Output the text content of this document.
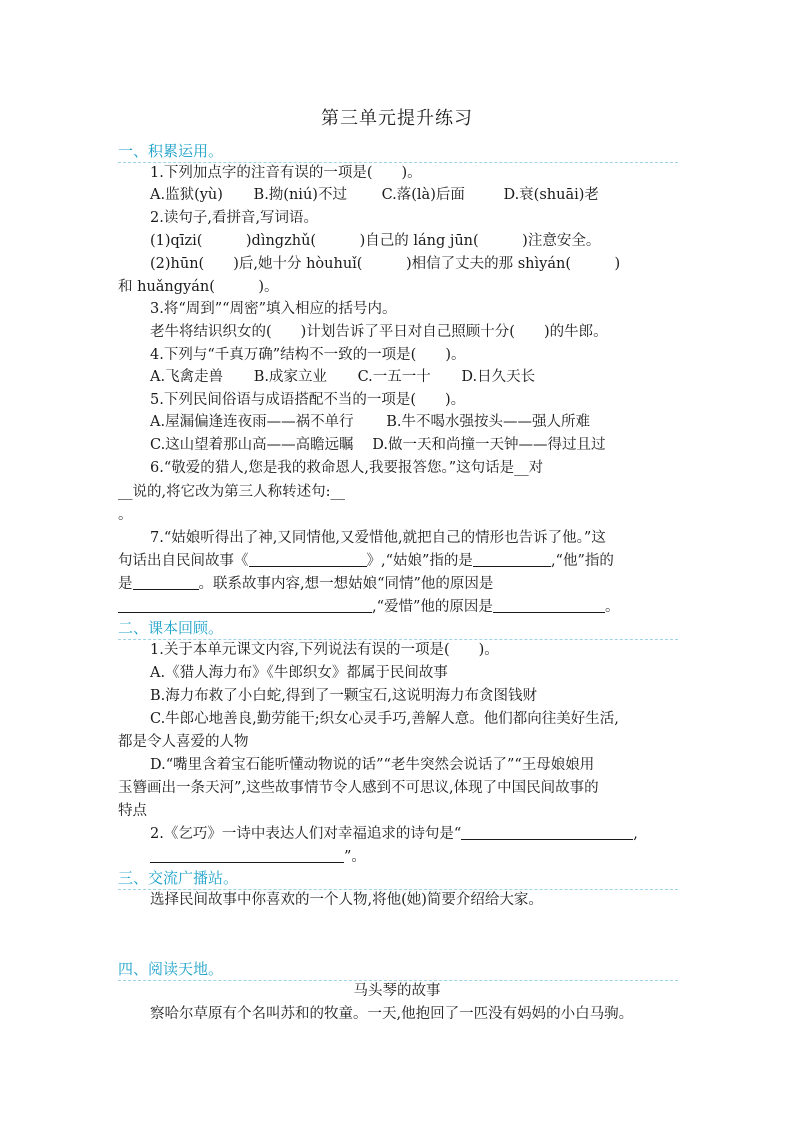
第三单元提升练习
一、积累运用。
1.下列加点字的注音有误的一项是(　　)。
A.监狱(yù) B.拗(niú)不过 C.落(là)后面	D.衰(shuāi)老
2.读句子,看拼音,写词语。
(1)qīzi(　　　)dìngzhǔ(　　　)自己的 láng jūn(　　　)注意安全。
(2)hūn(　　)后,她十分 hòuhuǐ(　　　)相信了丈夫的那 shìyán(　　　)
和 huǎngyán(　　　)。
3.将“周到”“周密”填入相应的括号内。
老牛将结识织女的(　　)计划告诉了平日对自己照顾十分(　　)的牛郎。
4.下列与“千真万确”结构不一致的一项是(　　)。
A.飞禽走兽 B.成家立业 C.一五一十 D.日久天长
5.下列民间俗语与成语搭配不当的一项是(　　)。
A.屋漏偏逢连夜雨——祸不单行 B.牛不喝水强按头——强人所难
C.这山望着那山高——高瞻远瞩 D.做一天和尚撞一天钟——得过且过
6.“敬爱的猎人,您是我的救命恩人,我要报答您。”这句话是__对
__说的,将它改为第三人称转述句:__
。
7.“姑娘听得出了神,又同情他,又爱惜他,就把自己的情形也告诉了他。”这
句话出自民间故事《	》,“姑娘”指的是	,“他”指的
是	。联系故事内容,想一想姑娘“同情”他的原因是
,“爱惜”他的原因是	。
二、课本回顾。
1.关于本单元课文内容,下列说法有误的一项是(　　)。
A.《猎人海力布》《牛郎织女》都属于民间故事
B.海力布救了小白蛇,得到了一颗宝石,这说明海力布贪图钱财
C.牛郎心地善良,勤劳能干;织女心灵手巧,善解人意。他们都向往美好生活,
都是令人喜爱的人物
D.“嘴里含着宝石能听懂动物说的话”“老牛突然会说话了”“王母娘娘用
玉簪画出一条天河”,这些故事情节令人感到不可思议,体现了中国民间故事的
特点
2.《乞巧》一诗中表达人们对幸福追求的诗句是“	,
”。
三、交流广播站。
选择民间故事中你喜欢的一个人物,将他(她)简要介绍给大家。
四、阅读天地。
马头琴的故事
察哈尔草原有个名叫苏和的牧童。一天,他抱回了一匹没有妈妈的小白马驹。
